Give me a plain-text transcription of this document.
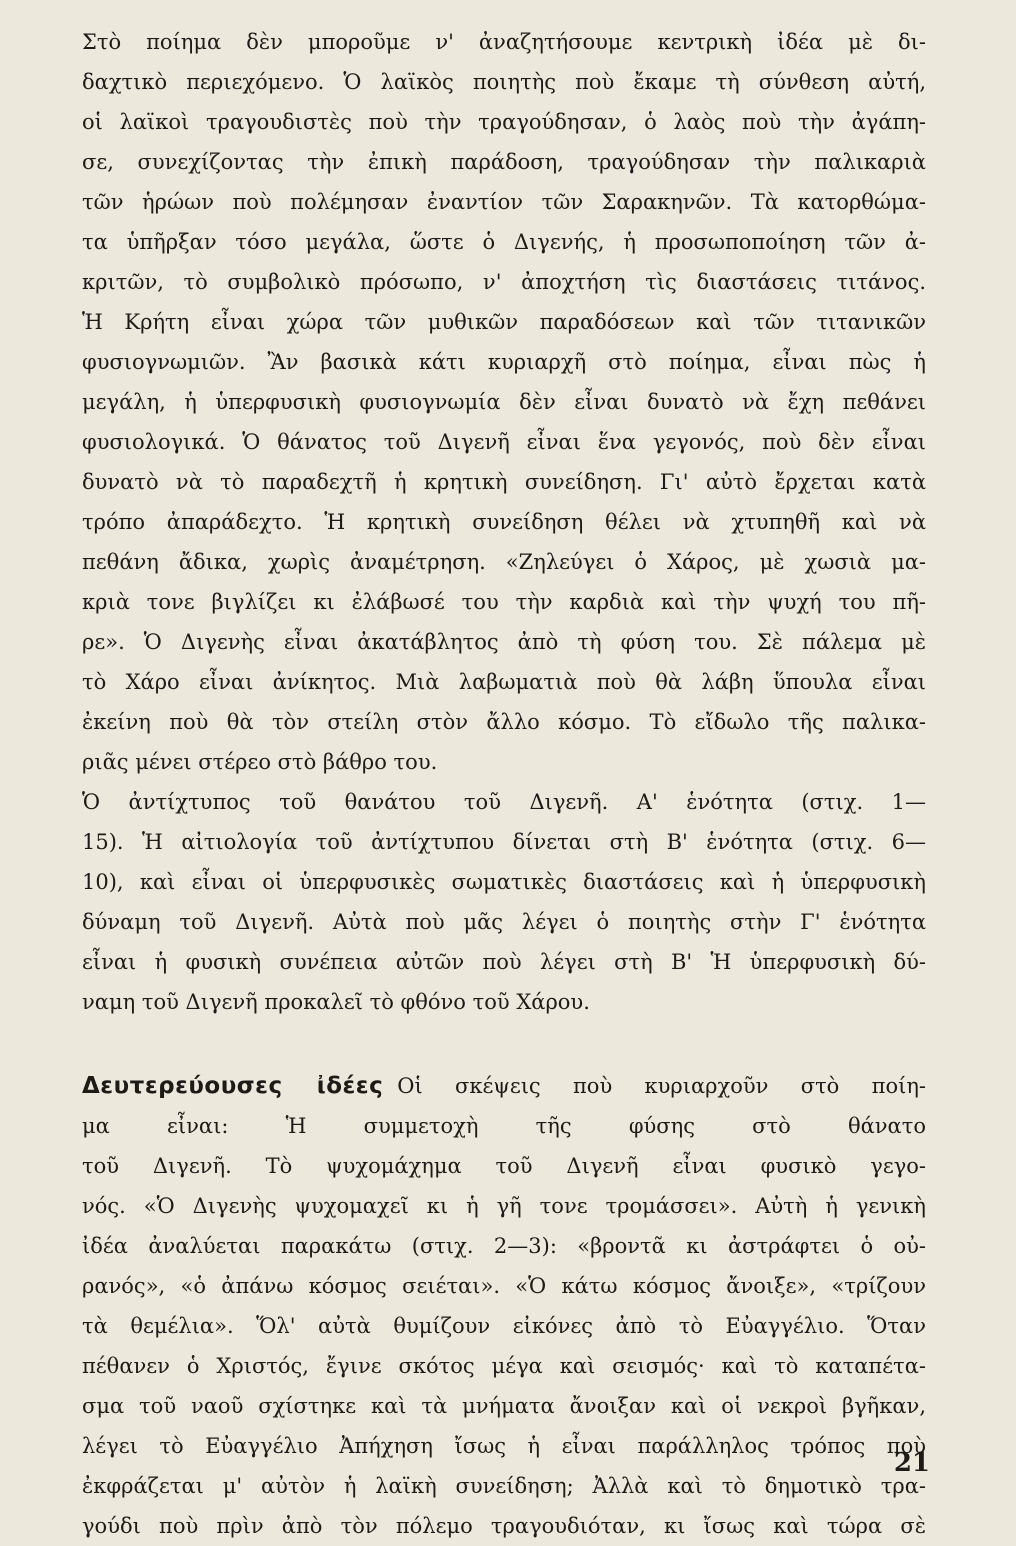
Στὸ ποίημα δὲν μποροῦμε ν' ἀναζητήσουμε κεντρικὴ ἰδέα μὲ δι-
δαχτικὸ περιεχόμενο. Ὁ λαϊκὸς ποιητὴς ποὺ ἔκαμε τὴ σύνθεση αὐτή,
οἱ λαϊκοὶ τραγουδιστὲς ποὺ τὴν τραγούδησαν, ὁ λαὸς ποὺ τὴν ἀγάπη-
σε, συνεχίζοντας τὴν ἐπικὴ παράδοση, τραγούδησαν τὴν παλικαριὰ
τῶν ἡρώων ποὺ πολέμησαν ἐναντίον τῶν Σαρακηνῶν. Τὰ κατορθώμα-
τα ὑπῆρξαν τόσο μεγάλα, ὥστε ὁ Διγενής, ἡ προσωποποίηση τῶν ἀ-
κριτῶν, τὸ συμβολικὸ πρόσωπο, ν' ἀποχτήση τὶς διαστάσεις τιτάνος.
Ἡ Κρήτη εἶναι χώρα τῶν μυθικῶν παραδόσεων καὶ τῶν τιτανικῶν
φυσιογνωμιῶν. Ἂν βασικὰ κάτι κυριαρχῆ στὸ ποίημα, εἶναι πὼς ἡ
μεγάλη, ἡ ὑπερφυσικὴ φυσιογνωμία δὲν εἶναι δυνατὸ νὰ ἔχη πεθάνει
φυσιολογικά. Ὁ θάνατος τοῦ Διγενῆ εἶναι ἕνα γεγονός, ποὺ δὲν εἶναι
δυνατὸ νὰ τὸ παραδεχτῆ ἡ κρητικὴ συνείδηση. Γι' αὐτὸ ἔρχεται κατὰ
τρόπο ἀπαράδεχτο. Ἡ κρητικὴ συνείδηση θέλει νὰ χτυπηθῆ καὶ νὰ
πεθάνη ἄδικα, χωρὶς ἀναμέτρηση. «Ζηλεύγει ὁ Χάρος, μὲ χωσιὰ μα-
κριὰ τονε βιγλίζει κι ἐλάβωσέ του τὴν καρδιὰ καὶ τὴν ψυχή του πῆ-
ρε». Ὁ Διγενὴς εἶναι ἀκατάβλητος ἀπὸ τὴ φύση του. Σὲ πάλεμα μὲ
τὸ Χάρο εἶναι ἀνίκητος. Μιὰ λαβωματιὰ ποὺ θὰ λάβη ὕπουλα εἶναι
ἐκείνη ποὺ θὰ τὸν στείλη στὸν ἄλλο κόσμο. Τὸ εἴδωλο τῆς παλικα-
ριᾶς μένει στέρεο στὸ βάθρο του.
Ὁ ἀντίχτυπος τοῦ θανάτου τοῦ Διγενῆ. Α' ἑνότητα (στιχ. 1—
15). Ἡ αἰτιολογία τοῦ ἀντίχτυπου δίνεται στὴ Β' ἑνότητα (στιχ. 6—
10), καὶ εἶναι οἱ ὑπερφυσικὲς σωματικὲς διαστάσεις καὶ ἡ ὑπερφυσικὴ
δύναμη τοῦ Διγενῆ. Αὐτὰ ποὺ μᾶς λέγει ὁ ποιητὴς στὴν Γ' ἑνότητα
εἶναι ἡ φυσικὴ συνέπεια αὐτῶν ποὺ λέγει στὴ Β' Ἡ ὑπερφυσικὴ δύ-
ναμη τοῦ Διγενῆ προκαλεῖ τὸ φθόνο τοῦ Χάρου.
Δευτερεύουσες ἰδέες Οἱ σκέψεις ποὺ κυριαρχοῦν στὸ ποίη-
μα εἶναι: Ἡ συμμετοχὴ τῆς φύσης στὸ θάνατο
τοῦ Διγενῆ. Τὸ ψυχομάχημα τοῦ Διγενῆ εἶναι φυσικὸ γεγο-
νός. «Ὁ Διγενὴς ψυχομαχεῖ κι ἡ γῆ τονε τρομάσσει». Αὐτὴ ἡ γενικὴ
ἰδέα ἀναλύεται παρακάτω (στιχ. 2—3): «βροντᾶ κι ἀστράφτει ὁ οὐ-
ρανός», «ὁ ἀπάνω κόσμος σειέται». «Ὁ κάτω κόσμος ἄνοιξε», «τρίζουν
τὰ θεμέλια». Ὅλ' αὐτὰ θυμίζουν εἰκόνες ἀπὸ τὸ Εὐαγγέλιο. Ὅταν
πέθανεν ὁ Χριστός, ἔγινε σκότος μέγα καὶ σεισμός· καὶ τὸ καταπέτα-
σμα τοῦ ναοῦ σχίστηκε καὶ τὰ μνήματα ἄνοιξαν καὶ οἱ νεκροὶ βγῆκαν,
λέγει τὸ Εὐαγγέλιο Ἀπήχηση ἴσως ἡ εἶναι παράλληλος τρόπος ποὺ
ἐκφράζεται μ' αὐτὸν ἡ λαϊκὴ συνείδηση; Ἀλλὰ καὶ τὸ δημοτικὸ τρα-
γούδι ποὺ πρὶν ἀπὸ τὸν πόλεμο τραγουδιόταν, κι ἴσως καὶ τώρα σὲ
21
